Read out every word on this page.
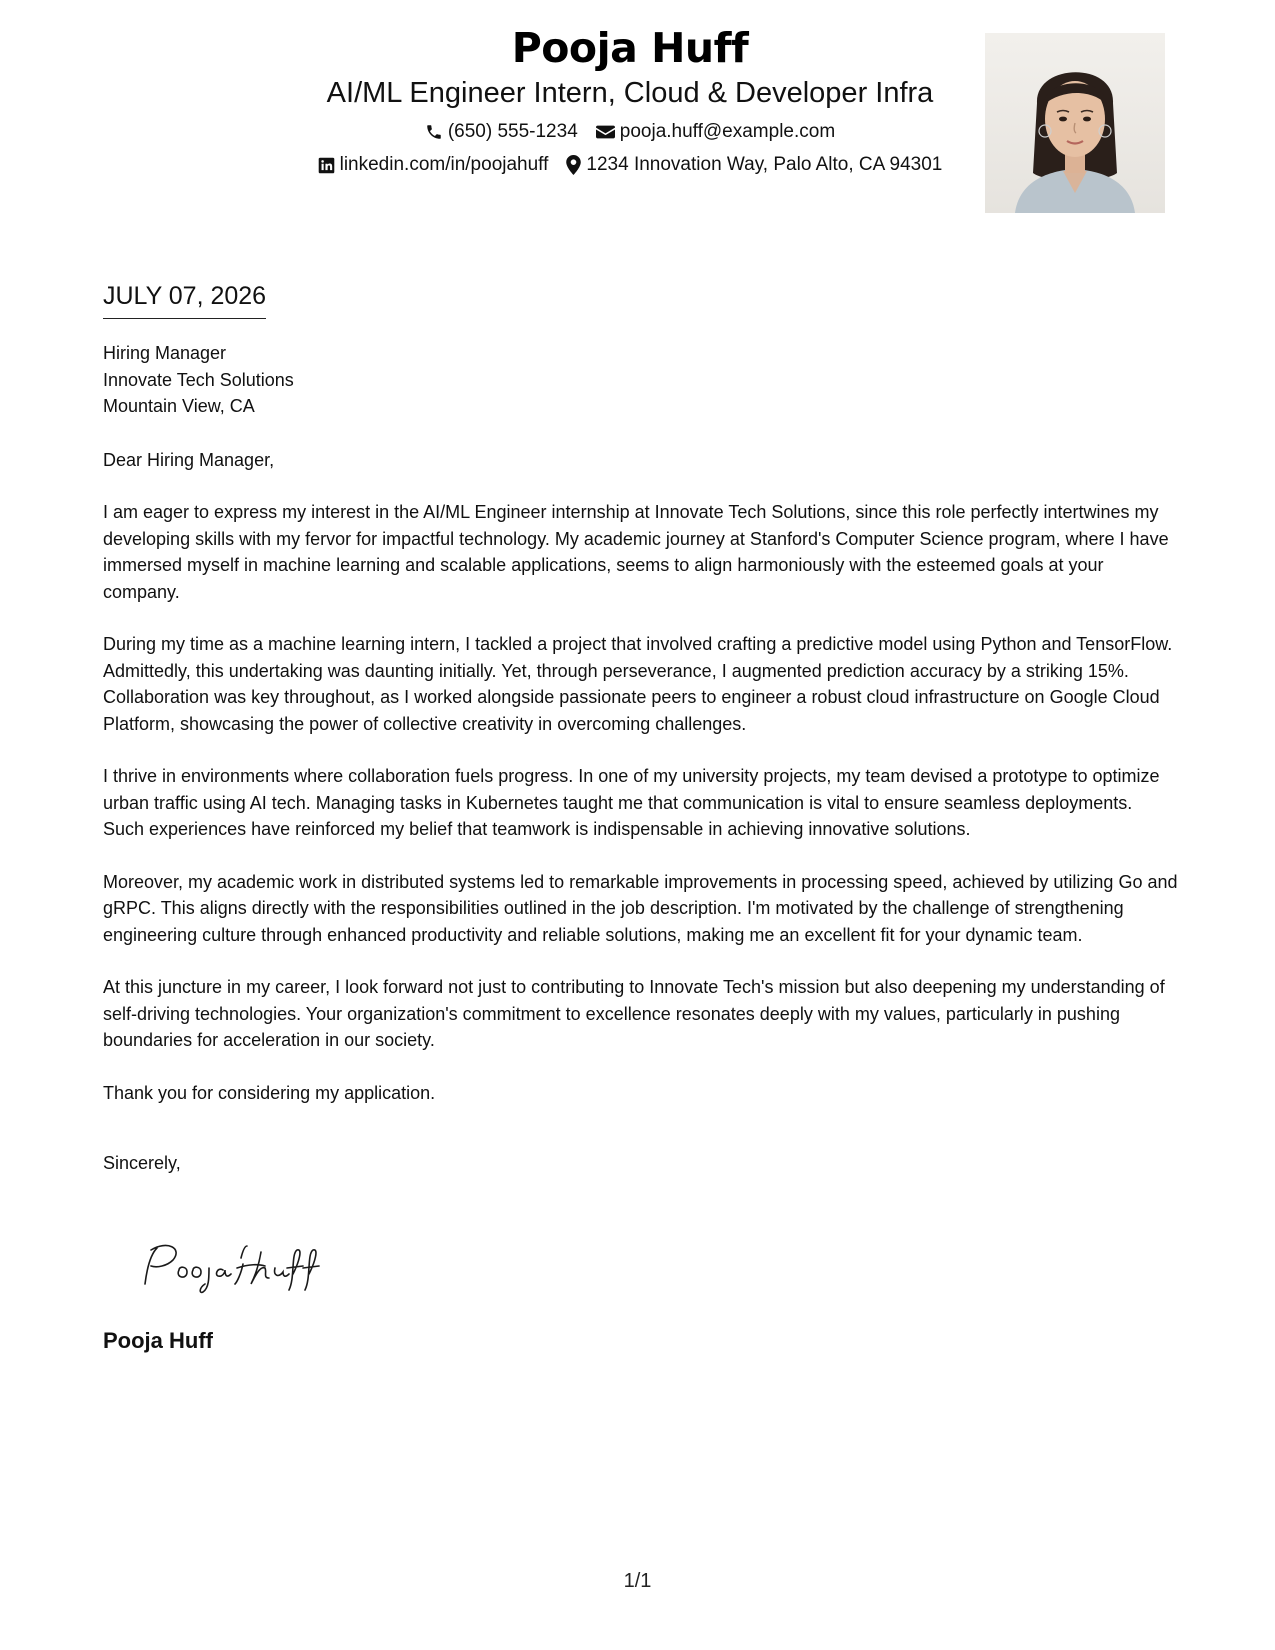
Pooja Huff
AI/ML Engineer Intern, Cloud & Developer Infra
(650) 555-1234 pooja.huff@example.com
linkedin.com/in/poojahuff 1234 Innovation Way, Palo Alto, CA 94301
JULY 07, 2026
Hiring Manager
Innovate Tech Solutions
Mountain View, CA
Dear Hiring Manager,
I am eager to express my interest in the AI/ML Engineer internship at Innovate Tech Solutions, since this role perfectly intertwines my developing skills with my fervor for impactful technology. My academic journey at Stanford's Computer Science program, where I have immersed myself in machine learning and scalable applications, seems to align harmoniously with the esteemed goals at your company.
During my time as a machine learning intern, I tackled a project that involved crafting a predictive model using Python and TensorFlow. Admittedly, this undertaking was daunting initially. Yet, through perseverance, I augmented prediction accuracy by a striking 15%. Collaboration was key throughout, as I worked alongside passionate peers to engineer a robust cloud infrastructure on Google Cloud Platform, showcasing the power of collective creativity in overcoming challenges.
I thrive in environments where collaboration fuels progress. In one of my university projects, my team devised a prototype to optimize urban traffic using AI tech. Managing tasks in Kubernetes taught me that communication is vital to ensure seamless deployments. Such experiences have reinforced my belief that teamwork is indispensable in achieving innovative solutions.
Moreover, my academic work in distributed systems led to remarkable improvements in processing speed, achieved by utilizing Go and gRPC. This aligns directly with the responsibilities outlined in the job description. I'm motivated by the challenge of strengthening engineering culture through enhanced productivity and reliable solutions, making me an excellent fit for your dynamic team.
At this juncture in my career, I look forward not just to contributing to Innovate Tech's mission but also deepening my understanding of self-driving technologies. Your organization's commitment to excellence resonates deeply with my values, particularly in pushing boundaries for acceleration in our society.
Thank you for considering my application.
Sincerely,
Pooja Huff
1/1
